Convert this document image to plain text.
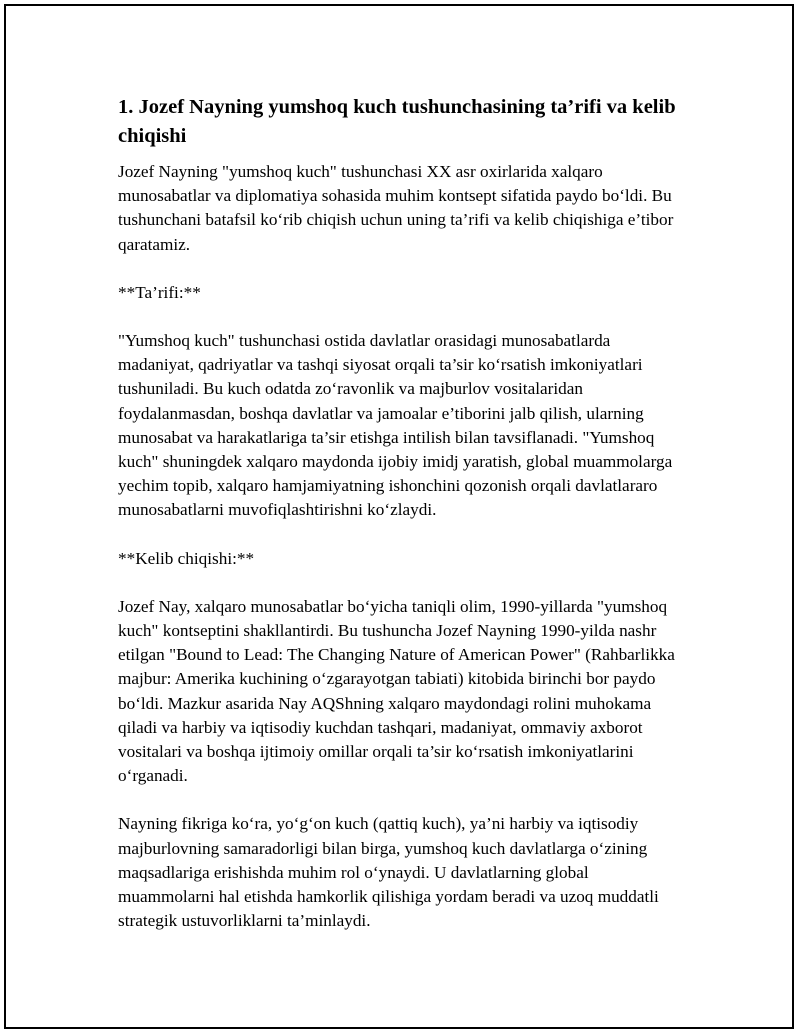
1. Jozef Nayning yumshoq kuch tushunchasining ta’rifi va kelib chiqishi

Jozef Nayning "yumshoq kuch" tushunchasi XX asr oxirlarida xalqaro munosabatlar va diplomatiya sohasida muhim kontsept sifatida paydo bo‘ldi. Bu tushunchani batafsil ko‘rib chiqish uchun uning ta’rifi va kelib chiqishiga e’tibor qaratamiz.

**Ta’rifi:**

"Yumshoq kuch" tushunchasi ostida davlatlar orasidagi munosabatlarda madaniyat, qadriyatlar va tashqi siyosat orqali ta’sir ko‘rsatish imkoniyatlari tushuniladi. Bu kuch odatda zo‘ravonlik va majburlov vositalaridan foydalanmasdan, boshqa davlatlar va jamoalar e’tiborini jalb qilish, ularning munosabat va harakatlariga ta’sir etishga intilish bilan tavsiflanadi. "Yumshoq kuch" shuningdek xalqaro maydonda ijobiy imidj yaratish, global muammolarga yechim topib, xalqaro hamjamiyatning ishonchini qozonish orqali davlatlararo munosabatlarni muvofiqlashtirishni ko‘zlaydi.

**Kelib chiqishi:**

Jozef Nay, xalqaro munosabatlar bo‘yicha taniqli olim, 1990-yillarda "yumshoq kuch" kontseptini shakllantirdi. Bu tushuncha Jozef Nayning 1990-yilda nashr etilgan "Bound to Lead: The Changing Nature of American Power" (Rahbarlikka majbur: Amerika kuchining o‘zgarayotgan tabiati) kitobida birinchi bor paydo bo‘ldi. Mazkur asarida Nay AQShning xalqaro maydondagi rolini muhokama qiladi va harbiy va iqtisodiy kuchdan tashqari, madaniyat, ommaviy axborot vositalari va boshqa ijtimoiy omillar orqali ta’sir ko‘rsatish imkoniyatlarini o‘rganadi.

Nayning fikriga ko‘ra, yo‘g‘on kuch (qattiq kuch), ya’ni harbiy va iqtisodiy majburlovning samaradorligi bilan birga, yumshoq kuch davlatlarga o‘zining maqsadlariga erishishda muhim rol o‘ynaydi. U davlatlarning global muammolarni hal etishda hamkorlik qilishiga yordam beradi va uzoq muddatli strategik ustuvorliklarni ta’minlaydi.
